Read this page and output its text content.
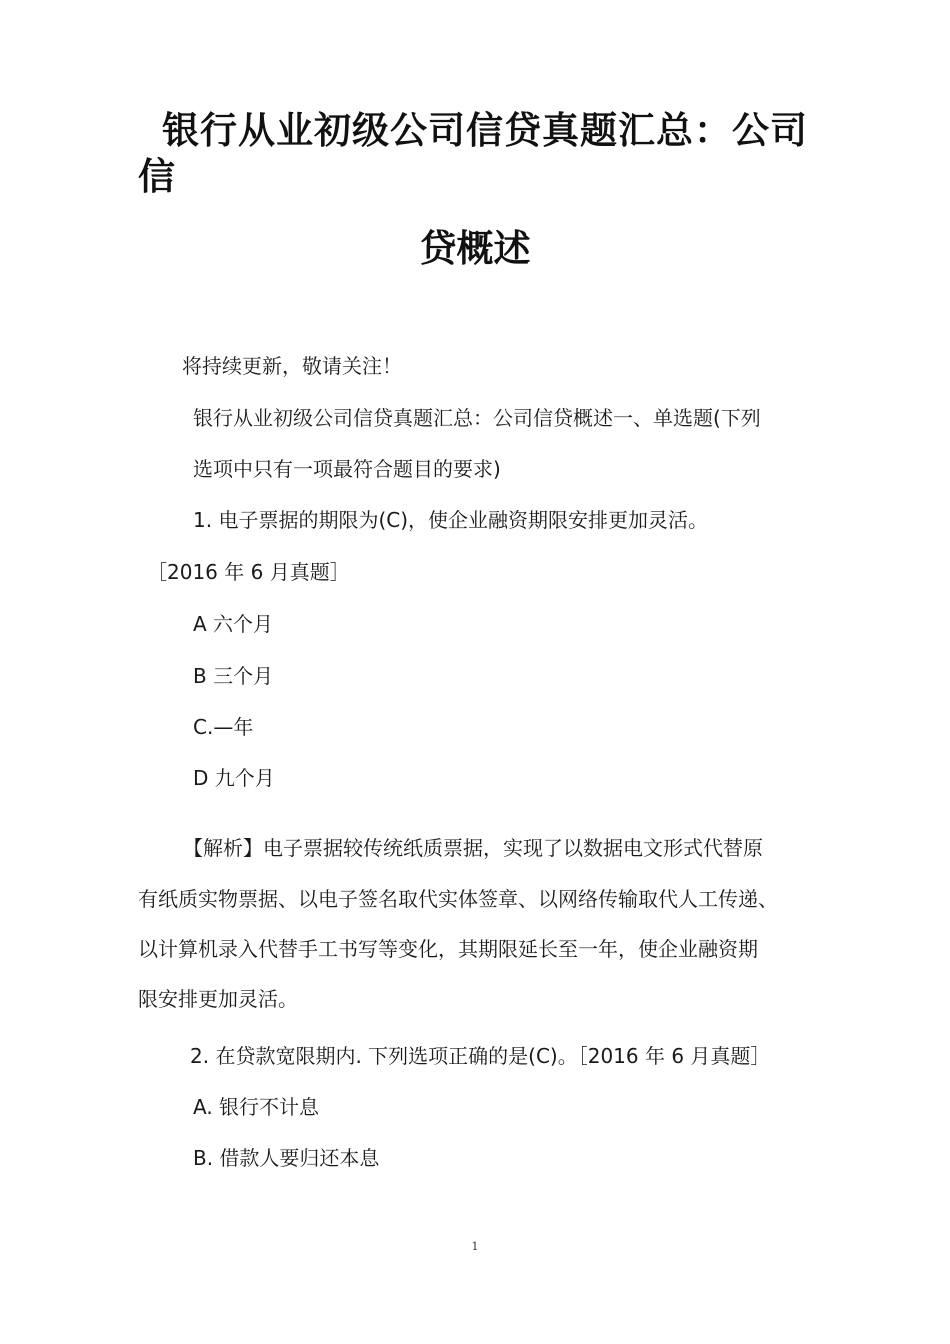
银行从业初级公司信贷真题汇总：公司
信
贷概述
将持续更新，敬请关注！
银行从业初级公司信贷真题汇总：公司信贷概述一、单选题(下列
选项中只有一项最符合题目的要求)
1. 电子票据的期限为(C)，使企业融资期限安排更加灵活。
［2016 年 6 月真题］
A 六个月
B 三个月
C.—年
D 九个月
【解析】电子票据较传统纸质票据，实现了以数据电文形式代替原
有纸质实物票据、以电子签名取代实体签章、以网络传输取代人工传递、
以计算机录入代替手工书写等变化，其期限延长至一年，使企业融资期
限安排更加灵活。
2. 在贷款宽限期内. 下列选项正确的是(C)。［2016 年 6 月真题］
A. 银行不计息
B. 借款人要归还本息
1
